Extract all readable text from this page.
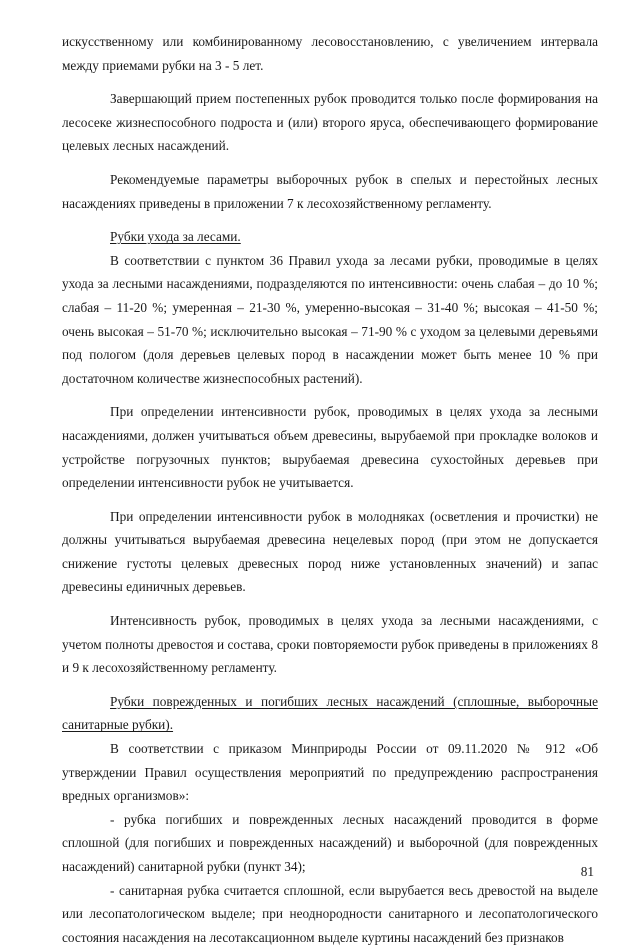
искусственному или комбинированному лесовосстановлению, с увеличением интервала между приемами рубки на 3 - 5 лет.

Завершающий прием постепенных рубок проводится только после формирования на лесосеке жизнеспособного подроста и (или) второго яруса, обеспечивающего формирование целевых лесных насаждений.

Рекомендуемые параметры выборочных рубок в спелых и перестойных лесных насаждениях приведены в приложении 7 к лесохозяйственному регламенту.

Рубки ухода за лесами.

В соответствии с пунктом 36 Правил ухода за лесами рубки, проводимые в целях ухода за лесными насаждениями, подразделяются по интенсивности: очень слабая – до 10 %; слабая – 11-20 %; умеренная – 21-30 %, умеренно-высокая – 31-40 %; высокая – 41-50 %; очень высокая – 51-70 %; исключительно высокая – 71-90 % с уходом за целевыми деревьями под пологом (доля деревьев целевых пород в насаждении может быть менее 10 % при достаточном количестве жизнеспособных растений).

При определении интенсивности рубок, проводимых в целях ухода за лесными насаждениями, должен учитываться объем древесины, вырубаемой при прокладке волоков и устройстве погрузочных пунктов; вырубаемая древесина сухостойных деревьев при определении интенсивности рубок не учитывается.

При определении интенсивности рубок в молодняках (осветления и прочистки) не должны учитываться вырубаемая древесина нецелевых пород (при этом не допускается снижение густоты целевых древесных пород ниже установленных значений) и запас древесины единичных деревьев.

Интенсивность рубок, проводимых в целях ухода за лесными насаждениями, с учетом полноты древостоя и состава, сроки повторяемости рубок приведены в приложениях 8 и 9 к лесохозяйственному регламенту.

Рубки поврежденных и погибших лесных насаждений (сплошные, выборочные санитарные рубки).

В соответствии с приказом Минприроды России от 09.11.2020 № 912 «Об утверждении Правил осуществления мероприятий по предупреждению распространения вредных организмов»:

- рубка погибших и поврежденных лесных насаждений проводится в форме сплошной (для погибших и поврежденных насаждений) и выборочной (для поврежденных насаждений) санитарной рубки (пункт 34);

- санитарная рубка считается сплошной, если вырубается весь древостой на выделе или лесопатологическом выделе; при неоднородности санитарного и лесопатологического состояния насаждения на лесотаксационном выделе куртины насаждений без признаков

81
